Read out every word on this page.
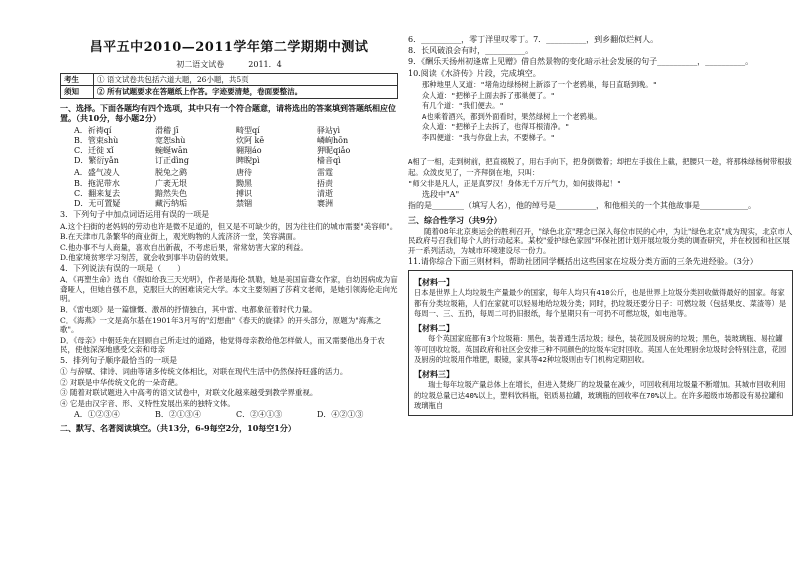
昌平五中2010—2011学年第二学期期中测试
初二语文试卷　　　2011．4
考生	① 语文试卷共包括六道大题，26小题，共5页
须知	② 所有试题要求在答题纸上作答。字迹要清楚，卷面要整洁。
一、选择。下面各题均有四个选项，其中只有一个符合题意，请将选出的答案填到答题纸相应位置。（共10分，每小题2分）
A．祈祷qí	滑稽 jī	畸型qí	驿站yì
B．管束shù	宽恕shù	炊阿 kē	嶙峋hōn
C．迁徙 xǐ	蜿蜒wān	翱翔áo	狎昵qiǎo
D．繁衍yǎn	订正dìng	睥睨pì	樯音qì
A．盛气凌人	脱兔之鹞	唐待	雷霆
B．拖泥带水	广袤无垠	黝黑	捂责
C．翻来复去	黯然失色	搏识	清逝
D．无可置疑	藏污纳垢	禁锢	褰洲
3．下列句子中加点词语运用有误的一项是
A.这个扫街的老妈妈的劳动也许是微不足道的，但又是不可缺少的，因为往往们的城市需要"美容师"。
B.在天津市几条繁华的商业街上，观光购物的人流济济一堂，笑容满面。
C.他办事不与人商量，喜欢自出新裁，不考虑后果，常常妨害大家的利益。
D.他家境贫寒学习刻苦，就会收到事半功倍的效果。
4．下列说法有误的一项是（　　）
A．《再塑生命》选自《假如给我三天光明》，作者是海伦·凯勒，她是美国盲聋女作家，自幼因病成为盲聋哑人，但她自强不息，克服巨大的困难读完大学。本文主要刻画了莎莉文老师，是她引领海伦走向光明。
B．《雷电颂》是一篇慷慨、激昂的抒情独白，其中雷、电都象征着时代力量。
C．《海燕》一文是高尔基在1901年3月写的"幻想曲"《春天的旋律》的开头部分，原题为"海燕之歌"。
D．《母亲》中朝廷先在回顾自己所走过的道路，他觉得母亲教给他怎样做人，而又需要他出身于农民，使他深深地感受父亲和母亲
5．排列句子顺序最恰当的一项是
① 与辞赋、律诗、词曲等诸多传统文体相比，对联在现代生活中仍然保持旺盛的活力。
② 对联是中华传统文化的一朵奇葩。
③ 随着对联试题进入中高考的语文试卷中，对联文化越来越受到教学界重视。
④ 它是由汉字音、形、义特性发展出来的独特文体。
A．①②③④	B．②①③④	C．②④①③	D．④②①③
二、默写、名著阅读填空。（共13分，6-9每空2分，10每空1分）
6．__________，零丁洋里叹零丁。7．__________，到乡翻似烂柯人。
8．长风破浪会有时，__________。
9．《酬乐天扬州初逢席上见赠》借自然景物的变化暗示社会发展的句子__________，__________。
10.阅读《水浒传》片段，完成填空。
那种地里人叉道："堵角边绿杨树上新添了一个老鸦巢，每日直聒到晚。"
众人道："把梯子上面去拆了那巢便了。"
有几个道："我们便去。"
A也乘着酒兴，都到外面看时，果然绿树上一个老鸦巢。
众人道："把梯子上去拆了，也得耳根清净。"
李四便道："我与你盘上去，不要梯子。"
A相了一相，走到树前，把直裰脱了，用右手向下，把身倒微着；却把左手拔住上截，把腰只一趁，将那株绿杨树带根拔起。众泼皮见了，一齐拜倒在地，只叫：
"师父非是凡人，正是真罗汉！身体无千万斤气力，如何拔得起！"
选段中"A"
指的是________（填写人名），他的绰号是__________，和他相关的一个其他故事是____________。
三、综合性学习（共9分）
随着08年北京奥运会的胜利召开，"绿色北京"理念已深入每位市民的心中，为让"绿色北京"成为现实，北京市人民政府号召我们每个人的行动起来。某校"爱护绿色家园"环保社团计划开展垃圾分类的调查研究，并在校园和社区展开一系列活动，为城市环境建设尽一份力。
11.请你综合下面三则材料，帮助社团同学概括出这些国家在垃圾分类方面的三条先进经验。（3分）
【材料一】
日本是世界上人均垃圾生产量最少的国家，每年人均只有410公斤，也是世界上垃圾分类回收做得最好的国家。每家都有分类垃圾箱，人们在家就可以轻易地给垃圾分类；同时，扔垃圾还要分日子：可燃垃圾（包括果皮、菜渣等）是每周一、三、五扔，每周二可扔旧报纸，每个星期只有一可扔不可燃垃圾，如电池等。
【材料二】
每个英国家庭都有3个垃圾箱：黑色，装普通生活垃圾；绿色，装花园及厨房的垃圾；黑色，装玻璃瓶、易拉罐等可回收垃圾。英国政府和社区会安排三种不同颜色的垃圾车定时回收。英国人在处理厨余垃圾时会特别注意，花园及厨房的垃圾用作堆肥，眼镜，家具等42种垃圾则由专门机构定期回收。
【材料三】
瑞士每年垃圾产量总体上在增长，但进入焚烧厂的垃圾量在减少，可回收利用垃圾量不断增加。其城市回收利用的垃圾总量已达40%以上，塑料饮料瓶，铝质易拉罐，玻璃瓶的回收率在70%以上。在许多超级市场都设有易拉罐和玻璃瓶自
